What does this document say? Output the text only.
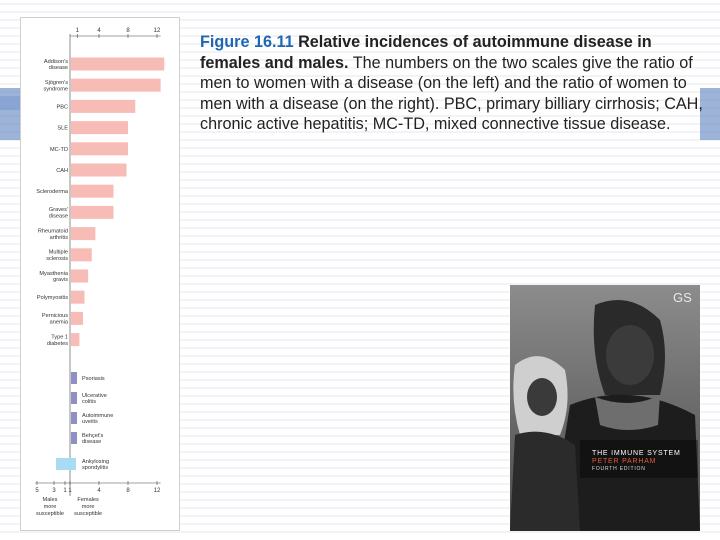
1	4	8	12
Addison's disease
Sjögren's syndrome
PBC
SLE
MC-TD
CAH
Scleroderma
Graves' disease
Rheumatoid arthritis
Multiple sclerosis
Myasthenia gravis
Polymyositis
Pernicious anemia
Type 1 diabetes
Psoriasis
Ulcerative colitis
Autoimmune uveitis
Behçet's disease
Ankylosing spondylitis
5 3 1 1	4	8	12
Males more susceptible
Females more susceptible
Figure 16.11 Relative incidences of autoimmune disease in females and males. The numbers on the two scales give the ratio of men to women with a disease (on the left) and the ratio of women to men with a disease (on the right). PBC, primary billiary cirrhosis; CAH, chronic active hepatitis; MC-TD, mixed connective tissue disease.
GS
THE IMMUNE SYSTEM
PETER PARHAM
FOURTH EDITION
